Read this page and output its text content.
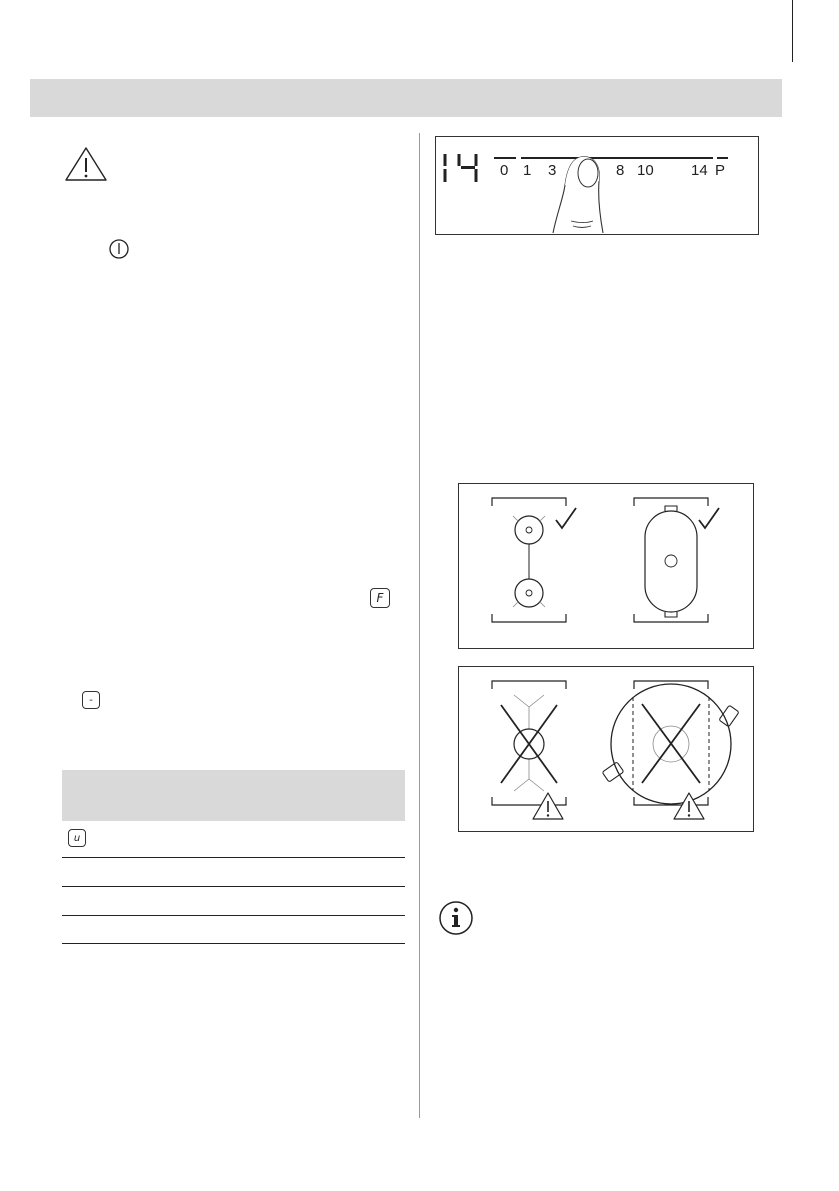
F
-
u
0 1 3	8 10 14 P
